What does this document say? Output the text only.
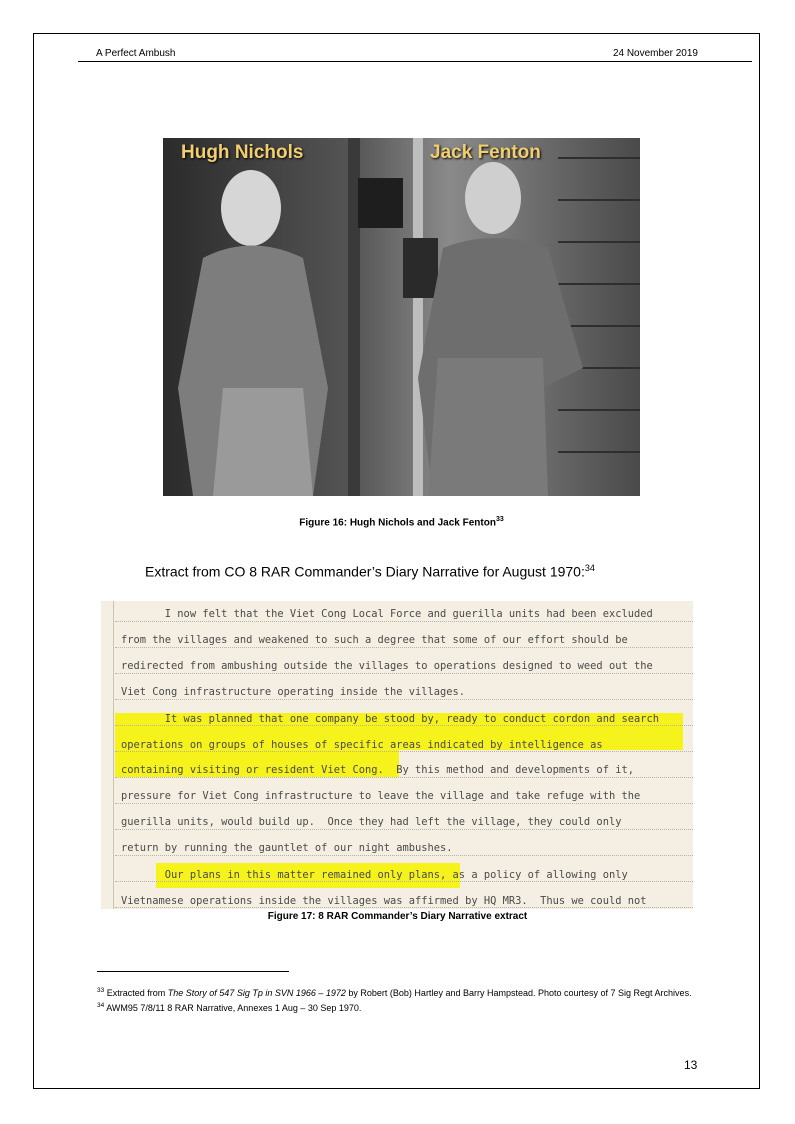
A Perfect Ambush	24 November 2019
Hugh Nichols	Jack Fenton
Figure 16: Hugh Nichols and Jack Fenton$^{33}$
Extract from CO 8 RAR Commander’s Diary Narrative for August 1970:$^{34}$
I now felt that the Viet Cong Local Force and guerilla units had been excluded
from the villages and weakened to such a degree that some of our effort should be
redirected from ambushing outside the villages to operations designed to weed out the
Viet Cong infrastructure operating inside the villages.
It was planned that one company be stood by, ready to conduct cordon and search
operations on groups of houses of specific areas indicated by intelligence as
containing visiting or resident Viet Cong.  By this method and developments of it,
pressure for Viet Cong infrastructure to leave the village and take refuge with the
guerilla units, would build up.  Once they had left the village, they could only
return by running the gauntlet of our night ambushes.
Our plans in this matter remained only plans, as a policy of allowing only
Vietnamese operations inside the villages was affirmed by HQ MR3.  Thus we could not
Figure 17: 8 RAR Commander’s Diary Narrative extract
$^{33}$ Extracted from The Story of 547 Sig Tp in SVN 1966 – 1972 by Robert (Bob) Hartley and Barry Hampstead. Photo courtesy of 7 Sig Regt Archives.
$^{34}$ AWM95 7/8/11 8 RAR Narrative, Annexes 1 Aug – 30 Sep 1970.
13
